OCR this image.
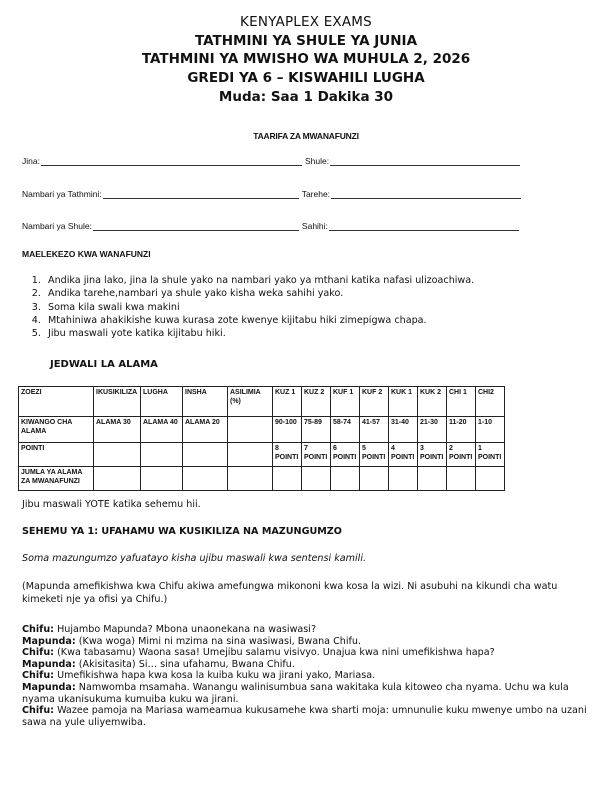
KENYAPLEX EXAMS
TATHMINI YA SHULE YA JUNIA
TATHMINI YA MWISHO WA MUHULA 2, 2026
GREDI YA 6 – KISWAHILI LUGHA
Muda: Saa 1 Dakika 30
TAARIFA ZA MWANAFUNZI
Jina:	Shule:
Nambari ya Tathmini:	Tarehe:
Nambari ya Shule:	Sahihi:
MAELEKEZO KWA WANAFUNZI
1. Andika jina lako, jina la shule yako na nambari yako ya mthani katika nafasi ulizoachiwa.
2. Andika tarehe,nambari ya shule yako kisha weka sahihi yako.
3. Soma kila swali kwa makini
4. Mtahiniwa ahakikishe kuwa kurasa zote kwenye kijitabu hiki zimepigwa chapa.
5. Jibu maswali yote katika kijitabu hiki.
JEDWALI LA ALAMA
ZOEZI	IKUSIKILIZA	LUGHA	INSHA	ASILIMIA (%)	KUZ 1	KUZ 2	KUF 1	KUF 2	KUK 1	KUK 2	CHI 1	CHI2
KIWANGO CHA ALAMA	ALAMA 30	ALAMA 40	ALAMA 20		90-100	75-89	58-74	41-57	31-40	21-30	11-20	1-10
POINTI					8 POINTI	7 POINTI	6 POINTI	5 POINTI	4 POINTI	3 POINTI	2 POINTI	1 POINTI
JUMLA YA ALAMA ZA MWANAFUNZI												
Jibu maswali YOTE katika sehemu hii.
SEHEMU YA 1: UFAHAMU WA KUSIKILIZA NA MAZUNGUMZO
Soma mazungumzo yafuatayo kisha ujibu maswali kwa sentensi kamili.
(Mapunda amefikishwa kwa Chifu akiwa amefungwa mikononi kwa kosa la wizi. Ni asubuhi na kikundi cha watu kimeketi nje ya ofisi ya Chifu.)

Chifu: Hujambo Mapunda? Mbona unaonekana na wasiwasi?

Mapunda: (Kwa woga) Mimi ni mzima na sina wasiwasi, Bwana Chifu.

Chifu: (Kwa tabasamu) Waona sasa! Umejibu salamu visivyo. Unajua kwa nini umefikishwa hapa?

Mapunda: (Akisitasita) Si… sina ufahamu, Bwana Chifu.

Chifu: Umefikishwa hapa kwa kosa la kuiba kuku wa jirani yako, Mariasa.

Mapunda: Namwomba msamaha. Wanangu walinisumbua sana wakitaka kula kitoweo cha nyama. Uchu wa kula nyama ukanisukuma kumuiba kuku wa jirani.

Chifu: Wazee pamoja na Mariasa wameamua kukusamehe kwa sharti moja: umnunulie kuku mwenye umbo na uzani sawa na yule uliyemwiba.
